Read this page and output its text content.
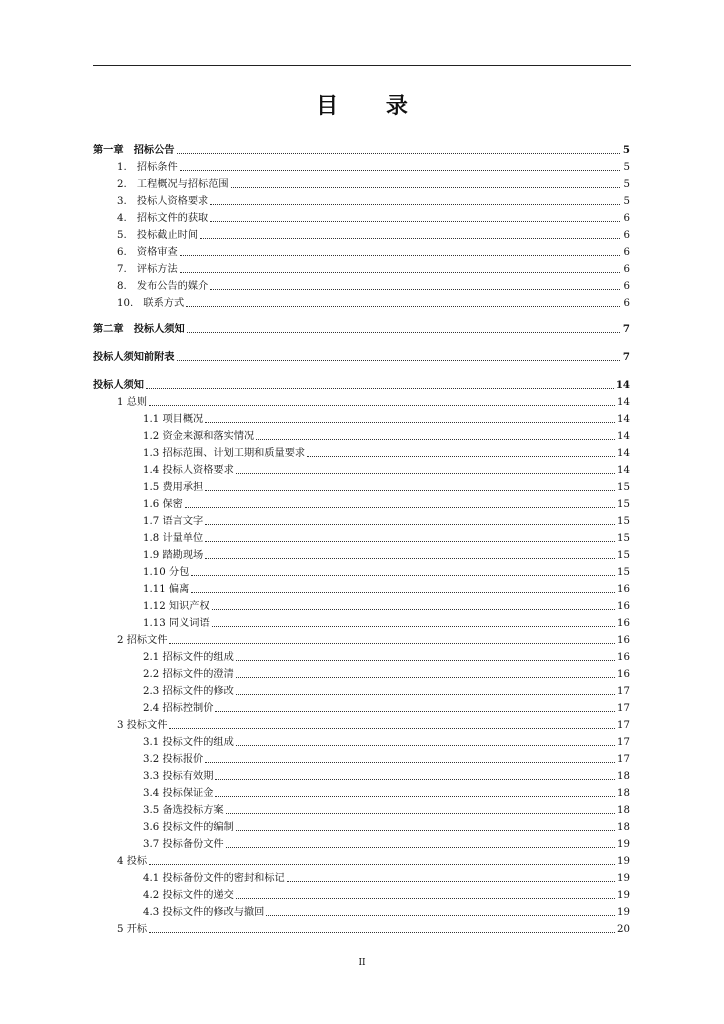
目 录
第一章　招标公告	5
1.　招标条件	5
2.　工程概况与招标范围	5
3.　投标人资格要求	5
4.　招标文件的获取	6
5.　投标截止时间	6
6.　资格审查	6
7.　评标方法	6
8.　发布公告的媒介	6
10.　联系方式	6
第二章　投标人须知	7
投标人须知前附表	7
投标人须知	14
1 总则	14
1.1 项目概况	14
1.2 资金来源和落实情况	14
1.3 招标范围、计划工期和质量要求	14
1.4 投标人资格要求	14
1.5 费用承担	15
1.6 保密	15
1.7 语言文字	15
1.8 计量单位	15
1.9 踏勘现场	15
1.10 分包	15
1.11 偏离	16
1.12 知识产权	16
1.13 同义词语	16
2 招标文件	16
2.1 招标文件的组成	16
2.2 招标文件的澄清	16
2.3 招标文件的修改	17
2.4 招标控制价	17
3 投标文件	17
3.1 投标文件的组成	17
3.2 投标报价	17
3.3 投标有效期	18
3.4 投标保证金	18
3.5 备选投标方案	18
3.6 投标文件的编制	18
3.7 投标备份文件	19
4 投标	19
4.1 投标备份文件的密封和标记	19
4.2 投标文件的递交	19
4.3 投标文件的修改与撤回	19
5 开标	20
II
